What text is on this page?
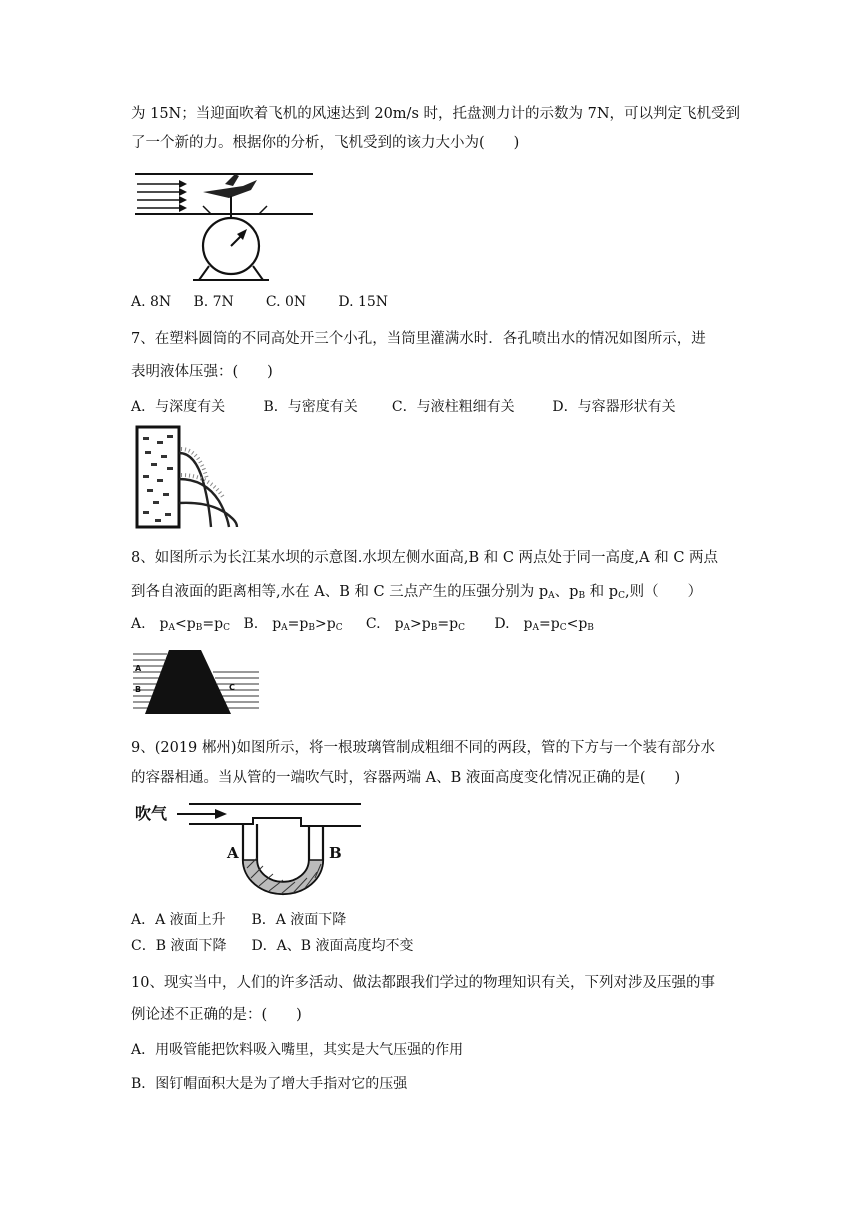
为 15N；当迎面吹着飞机的风速达到 20m/s 时，托盘测力计的示数为 7N，可以判定飞机受到
了一个新的力。根据你的分析，飞机受到的该力大小为(　　)
A. 8N B. 7N C. 0N D. 15N
7、在塑料圆筒的不同高处开三个小孔，当筒里灌满水时．各孔喷出水的情况如图所示，进
表明液体压强：(　　)
A．与深度有关	B．与密度有关 C．与液柱粗细有关	D．与容器形状有关
8、如图所示为长江某水坝的示意图.水坝左侧水面高,B 和 C 两点处于同一高度,A 和 C 两点
到各自液面的距离相等,水在 A、B 和 C 三点产生的压强分别为 $p_A$、$p_B$ 和 $p_C$,则（　　）
A.　$p_A<p_B=p_C$ B.　$p_A=p_B>p_C$ C.　$p_A>p_B=p_C$ D.　$p_A=p_C<p_B$
A
B	C
9、(2019 郴州)如图所示，将一根玻璃管制成粗细不同的两段，管的下方与一个装有部分水
的容器相通。当从管的一端吹气时，容器两端 A、B 液面高度变化情况正确的是(　　)
吹气
A	B
A．A 液面上升 B．A 液面下降
C．B 液面下降 D．A、B 液面高度均不变
10、现实当中，人们的许多活动、做法都跟我们学过的物理知识有关，下列对涉及压强的事
例论述不正确的是：(　　)
A．用吸管能把饮料吸入嘴里，其实是大气压强的作用
B．图钉帽面积大是为了增大手指对它的压强
